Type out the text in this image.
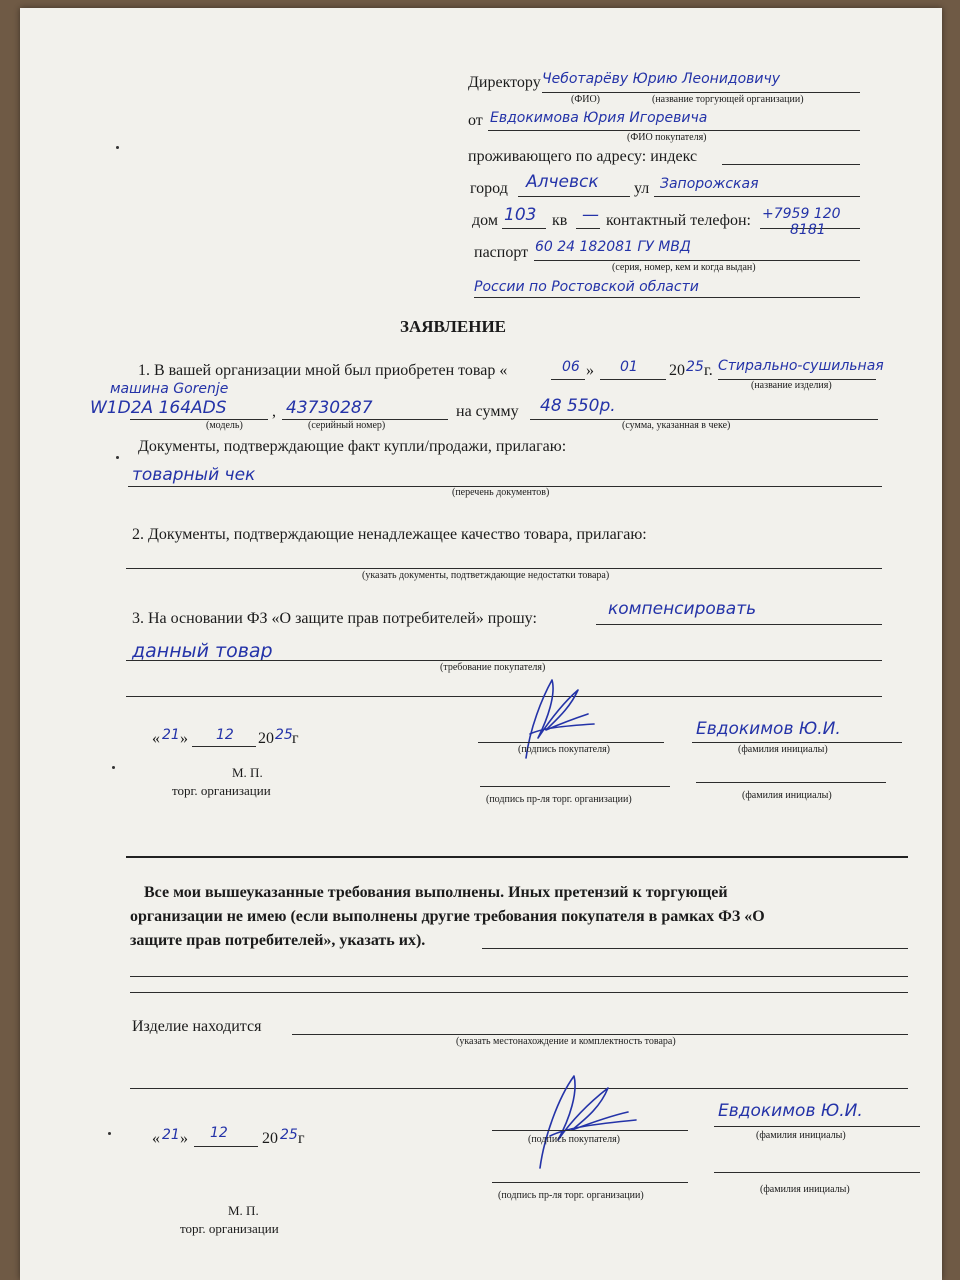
Директору Чеботарёву Юрию Леонидовичу
(ФИО)	(название торгующей организации)
от Евдокимова Юрия Игоревича
(ФИО покупателя)
проживающего по адресу: индекс
город Алчевск ул Запорожская
дом 103 кв — контактный телефон: +7959 120
8181
паспорт 60 24 182081 ГУ МВД
(серия, номер, кем и когда выдан)
России по Ростовской области
ЗАЯВЛЕНИЕ
1. В вашей организации мной был приобретен товар «	06 » 01 20 25 г. Стирально-сушильная
(название изделия)
машина Gorenje
W1D2A 164ADS
(модель)
, 43730287
(серийный номер)
на сумму 48 550р.
(сумма, указанная в чеке)
Документы, подтверждающие факт купли/продажи, прилагаю:
товарный чек
(перечень документов)
2. Документы, подтверждающие ненадлежащее качество товара, прилагаю:
(указать документы, подтветждающие недостатки товара)
3. На основании ФЗ «О защите прав потребителей» прошу:	компенсировать
данный товар
(требование покупателя)
« 21 » 12 20 25 г
(подпись покупателя)
Евдокимов Ю.И.
(фамилия инициалы)
М. П.
торг. организации
(подпись пр-ля торг. организации)	(фамилия инициалы)
Все мои вышеуказанные требования выполнены. Иных претензий к торгующей
организации не имею (если выполнены другие требования покупателя в рамках ФЗ «О
защите прав потребителей», указать их).
Изделие находится
(указать местонахождение и комплектность товара)
« 21 » 12 20 25 г	(подпись покупателя)
Евдокимов Ю.И.
(фамилия инициалы)
(подпись пр-ля торг. организации)
(фамилия инициалы)
М. П.
торг. организации
